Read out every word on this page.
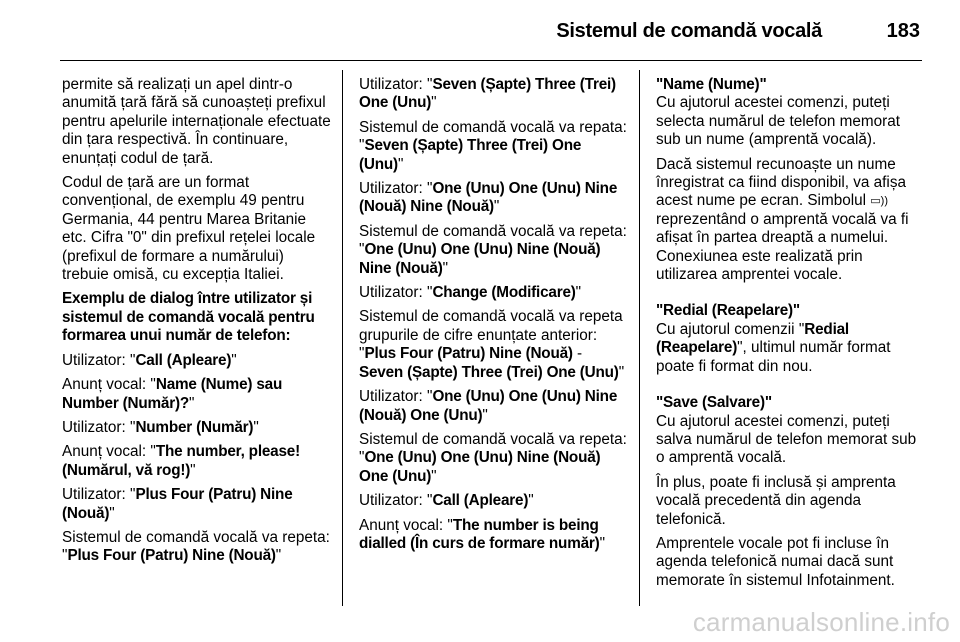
Sistemul de comandă vocală	183

permite să realizați un apel dintr-o anumită țară fără să cunoașteți prefixul pentru apelurile internaționale efectuate din țara respectivă. În continuare, enunțați codul de țară.

Codul de țară are un format convențional, de exemplu 49 pentru Germania, 44 pentru Marea Britanie etc. Cifra "0" din prefixul rețelei locale (prefixul de formare a numărului) trebuie omisă, cu excepția Italiei.

Exemplu de dialog între utilizator și sistemul de comandă vocală pentru formarea unui număr de telefon:

Utilizator: "Call (Apleare)"

Anunț vocal: "Name (Nume) sau Number (Număr)?"

Utilizator: "Number (Număr)"

Anunț vocal: "The number, please! (Numărul, vă rog!)"

Utilizator: "Plus Four (Patru) Nine (Nouă)"

Sistemul de comandă vocală va repeta: "Plus Four (Patru) Nine (Nouă)"

Utilizator: "Seven (Șapte) Three (Trei) One (Unu)"

Sistemul de comandă vocală va repata: "Seven (Șapte) Three (Trei) One (Unu)"

Utilizator: "One (Unu) One (Unu) Nine (Nouă) Nine (Nouă)"

Sistemul de comandă vocală va repeta: "One (Unu) One (Unu) Nine (Nouă) Nine (Nouă)"

Utilizator: "Change (Modificare)"

Sistemul de comandă vocală va repeta grupurile de cifre enunțate anterior: "Plus Four (Patru) Nine (Nouă) - Seven (Șapte) Three (Trei) One (Unu)"

Utilizator: "One (Unu) One (Unu) Nine (Nouă) One (Unu)"

Sistemul de comandă vocală va repeta: "One (Unu) One (Unu) Nine (Nouă) One (Unu)"

Utilizator: "Call (Apleare)"

Anunț vocal: "The number is being dialled (În curs de formare număr)"

"Name (Nume)"

Cu ajutorul acestei comenzi, puteți selecta numărul de telefon memorat sub un nume (amprentă vocală).

Dacă sistemul recunoaște un nume înregistrat ca fiind disponibil, va afișa acest nume pe ecran. Simbolul ▭)) reprezentând o amprentă vocală va fi afișat în partea dreaptă a numelui. Conexiunea este realizată prin utilizarea amprentei vocale.

"Redial (Reapelare)"

Cu ajutorul comenzii "Redial (Reapelare)", ultimul număr format poate fi format din nou.

"Save (Salvare)"

Cu ajutorul acestei comenzi, puteți salva numărul de telefon memorat sub o amprentă vocală.

În plus, poate fi inclusă și amprenta vocală precedentă din agenda telefonică.

Amprentele vocale pot fi incluse în agenda telefonică numai dacă sunt memorate în sistemul Infotainment.

carmanualsonline.info
